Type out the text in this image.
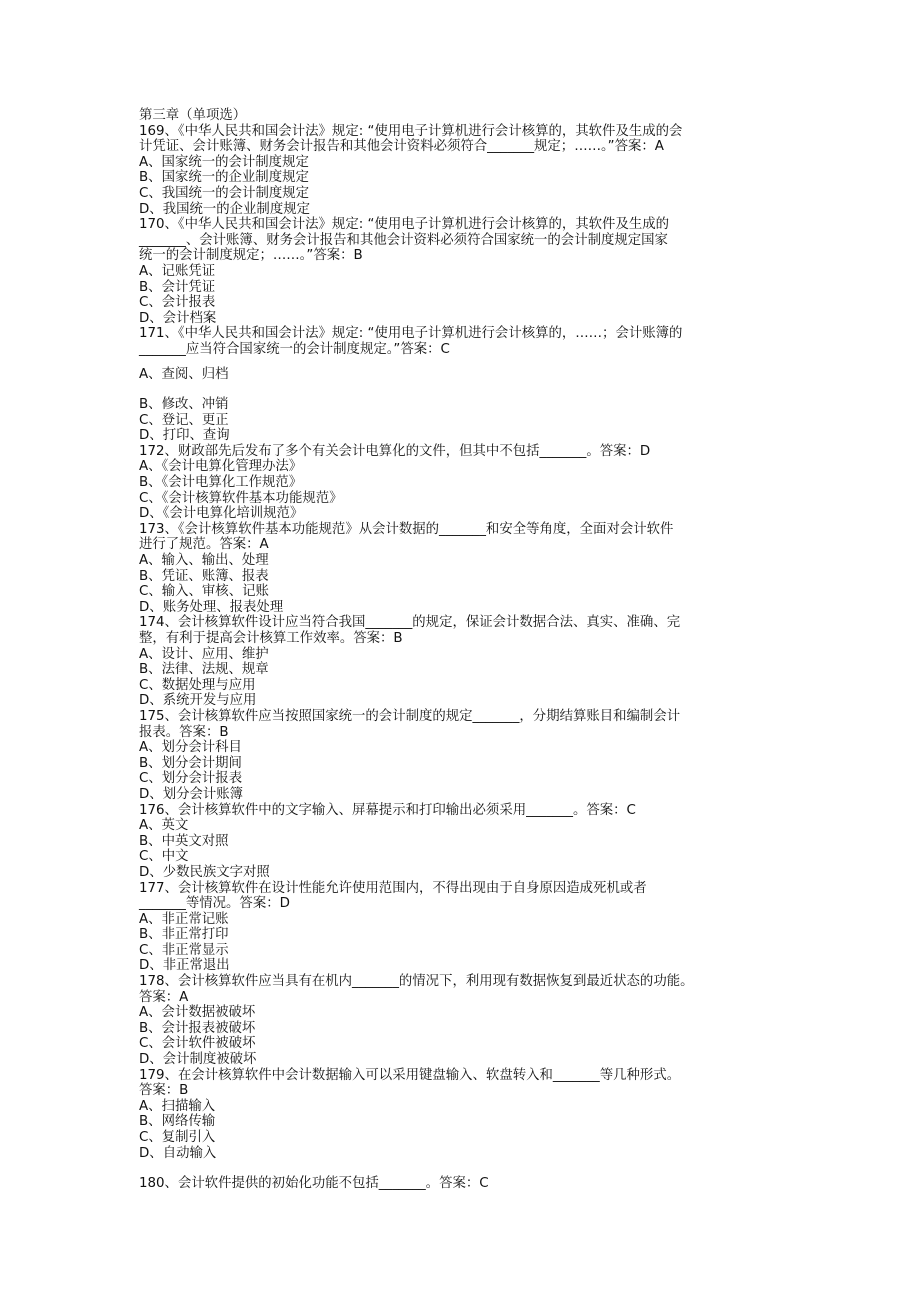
第三章（单项选）
169、《中华人民共和国会计法》规定: “使用电子计算机进行会计核算的，其软件及生成的会
计凭证、会计账簿、财务会计报告和其他会计资料必须符合_______规定；……。”答案：A
A、国家统一的会计制度规定
B、国家统一的企业制度规定
C、我国统一的会计制度规定
D、我国统一的企业制度规定
170、《中华人民共和国会计法》规定: “使用电子计算机进行会计核算的，其软件及生成的
_______、会计账簿、财务会计报告和其他会计资料必须符合国家统一的会计制度规定国家
统一的会计制度规定；……。”答案：B
A、记账凭证
B、会计凭证
C、会计报表
D、会计档案
171、《中华人民共和国会计法》规定: “使用电子计算机进行会计核算的，……；会计账簿的
_______应当符合国家统一的会计制度规定。”答案：C
A、查阅、归档
B、修改、冲销
C、登记、更正
D、打印、查询
172、财政部先后发布了多个有关会计电算化的文件，但其中不包括_______。答案：D
A、《会计电算化管理办法》
B、《会计电算化工作规范》
C、《会计核算软件基本功能规范》
D、《会计电算化培训规范》
173、《会计核算软件基本功能规范》从会计数据的_______和安全等角度，全面对会计软件
进行了规范。答案：A
A、输入、输出、处理
B、凭证、账簿、报表
C、输入、审核、记账
D、账务处理、报表处理
174、会计核算软件设计应当符合我国_______的规定，保证会计数据合法、真实、准确、完
整，有利于提高会计核算工作效率。答案：B
A、设计、应用、维护
B、法律、法规、规章
C、数据处理与应用
D、系统开发与应用
175、会计核算软件应当按照国家统一的会计制度的规定_______，分期结算账目和编制会计
报表。答案：B
A、划分会计科目
B、划分会计期间
C、划分会计报表
D、划分会计账簿
176、会计核算软件中的文字输入、屏幕提示和打印输出必须采用_______。答案：C
A、英文
B、中英文对照
C、中文
D、少数民族文字对照
177、会计核算软件在设计性能允许使用范围内，不得出现由于自身原因造成死机或者
_______等情况。答案：D
A、非正常记账
B、非正常打印
C、非正常显示
D、非正常退出
178、会计核算软件应当具有在机内_______的情况下，利用现有数据恢复到最近状态的功能。
答案：A
A、会计数据被破坏
B、会计报表被破坏
C、会计软件被破坏
D、会计制度被破坏
179、在会计核算软件中会计数据输入可以采用键盘输入、软盘转入和_______等几种形式。
答案：B
A、扫描输入
B、网络传输
C、复制引入
D、自动输入
180、会计软件提供的初始化功能不包括_______。答案：C
